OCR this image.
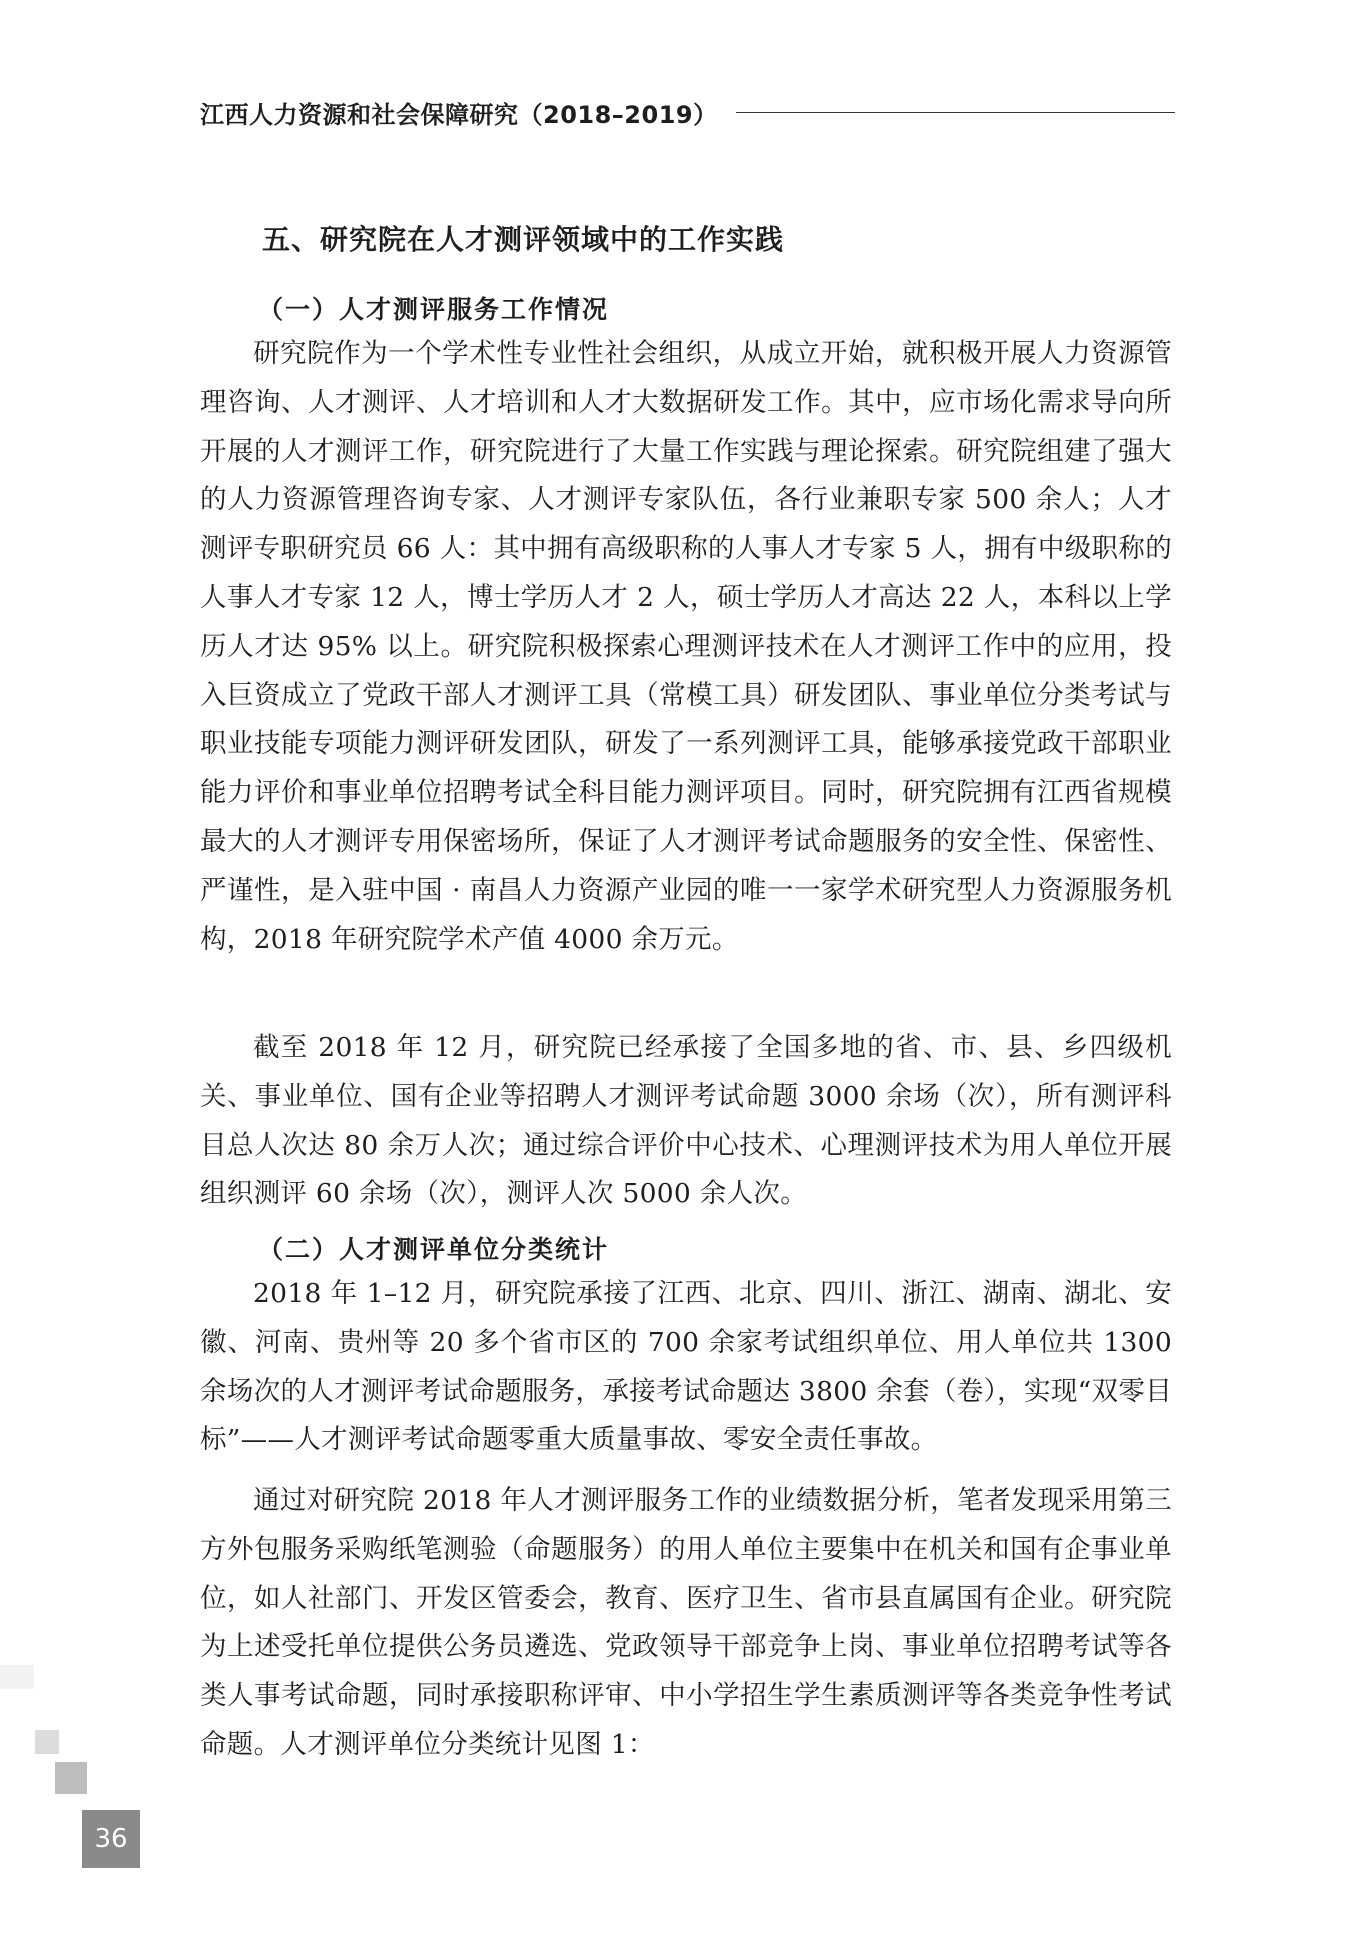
江西人力资源和社会保障研究（2018–2019）
五、研究院在人才测评领域中的工作实践
（一）人才测评服务工作情况

研究院作为一个学术性专业性社会组织，从成立开始，就积极开展人力资源管理咨询、人才测评、人才培训和人才大数据研发工作。其中，应市场化需求导向所开展的人才测评工作，研究院进行了大量工作实践与理论探索。研究院组建了强大的人力资源管理咨询专家、人才测评专家队伍，各行业兼职专家 500 余人；人才测评专职研究员 66 人：其中拥有高级职称的人事人才专家 5 人，拥有中级职称的人事人才专家 12 人，博士学历人才 2 人，硕士学历人才高达 22 人，本科以上学历人才达 95% 以上。研究院积极探索心理测评技术在人才测评工作中的应用，投入巨资成立了党政干部人才测评工具（常模工具）研发团队、事业单位分类考试与职业技能专项能力测评研发团队，研发了一系列测评工具，能够承接党政干部职业能力评价和事业单位招聘考试全科目能力测评项目。同时，研究院拥有江西省规模最大的人才测评专用保密场所，保证了人才测评考试命题服务的安全性、保密性、严谨性，是入驻中国 · 南昌人力资源产业园的唯一一家学术研究型人力资源服务机构，2018 年研究院学术产值 4000 余万元。

截至 2018 年 12 月，研究院已经承接了全国多地的省、市、县、乡四级机关、事业单位、国有企业等招聘人才测评考试命题 3000 余场（次），所有测评科目总人次达 80 余万人次；通过综合评价中心技术、心理测评技术为用人单位开展组织测评 60 余场（次），测评人次 5000 余人次。

（二）人才测评单位分类统计

2018 年 1–12 月，研究院承接了江西、北京、四川、浙江、湖南、湖北、安徽、河南、贵州等 20 多个省市区的 700 余家考试组织单位、用人单位共 1300 余场次的人才测评考试命题服务，承接考试命题达 3800 余套（卷），实现“双零目标”——人才测评考试命题零重大质量事故、零安全责任事故。

通过对研究院 2018 年人才测评服务工作的业绩数据分析，笔者发现采用第三方外包服务采购纸笔测验（命题服务）的用人单位主要集中在机关和国有企事业单位，如人社部门、开发区管委会，教育、医疗卫生、省市县直属国有企业。研究院为上述受托单位提供公务员遴选、党政领导干部竞争上岗、事业单位招聘考试等各类人事考试命题，同时承接职称评审、中小学招生学生素质测评等各类竞争性考试命题。人才测评单位分类统计见图 1：

36
